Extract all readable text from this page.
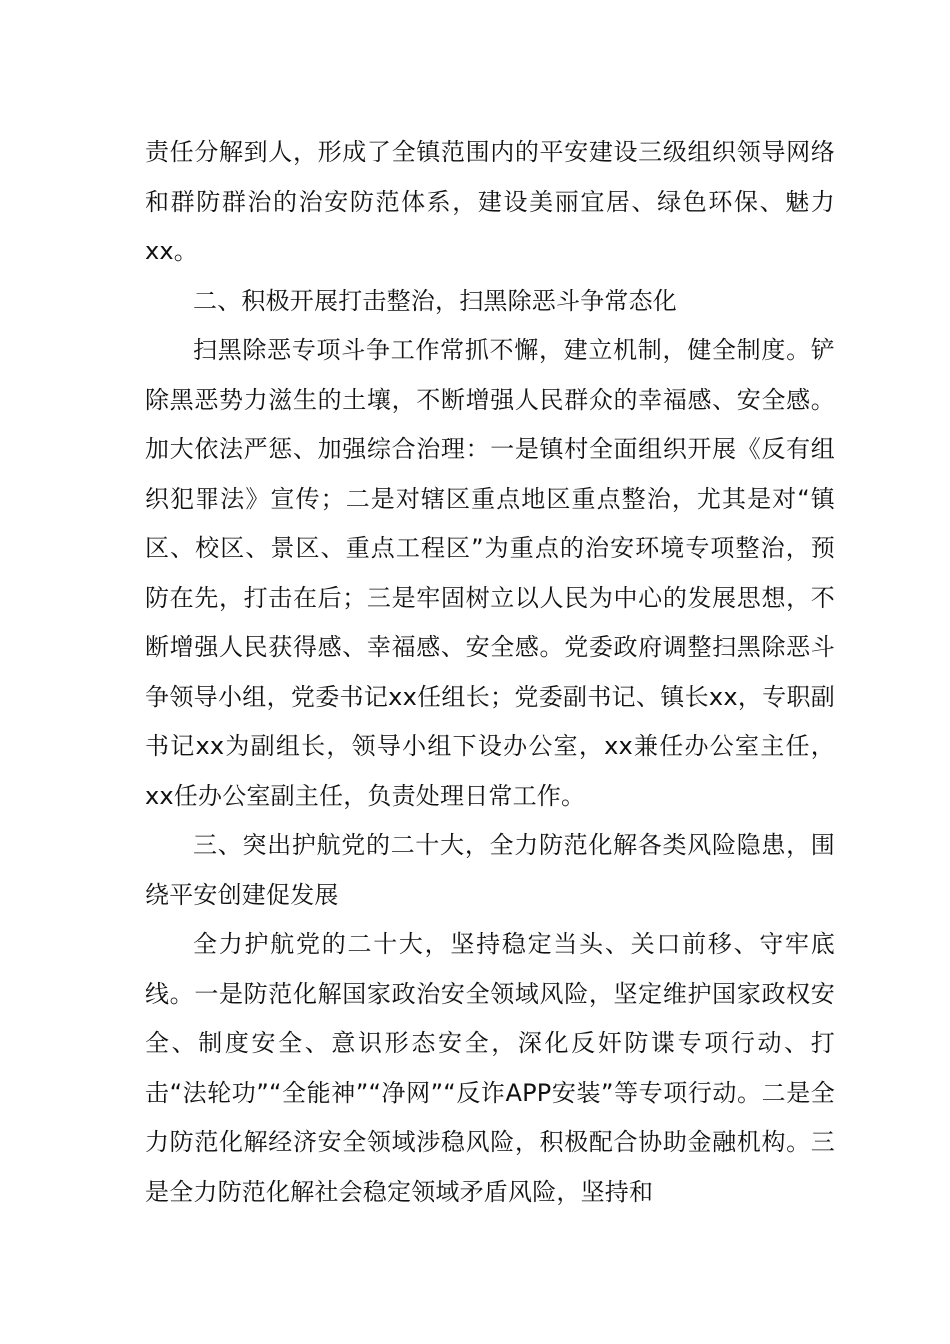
责任分解到人，形成了全镇范围内的平安建设三级组织领导网络和群防群治的治安防范体系，建设美丽宜居、绿色环保、魅力xx。

二、积极开展打击整治，扫黑除恶斗争常态化

扫黑除恶专项斗争工作常抓不懈，建立机制，健全制度。铲除黑恶势力滋生的土壤，不断增强人民群众的幸福感、安全感。加大依法严惩、加强综合治理：一是镇村全面组织开展《反有组织犯罪法》宣传；二是对辖区重点地区重点整治，尤其是对“镇区、校区、景区、重点工程区”为重点的治安环境专项整治，预防在先，打击在后；三是牢固树立以人民为中心的发展思想，不断增强人民获得感、幸福感、安全感。党委政府调整扫黑除恶斗争领导小组，党委书记xx任组长；党委副书记、镇长xx，专职副书记xx为副组长，领导小组下设办公室，xx兼任办公室主任，xx任办公室副主任，负责处理日常工作。

三、突出护航党的二十大，全力防范化解各类风险隐患，围绕平安创建促发展

全力护航党的二十大，坚持稳定当头、关口前移、守牢底线。一是防范化解国家政治安全领域风险，坚定维护国家政权安全、制度安全、意识形态安全，深化反奸防谍专项行动、打击“法轮功”“全能神”“净网”“反诈APP安装”等专项行动。二是全力防范化解经济安全领域涉稳风险，积极配合协助金融机构。三是全力防范化解社会稳定领域矛盾风险，坚持和
